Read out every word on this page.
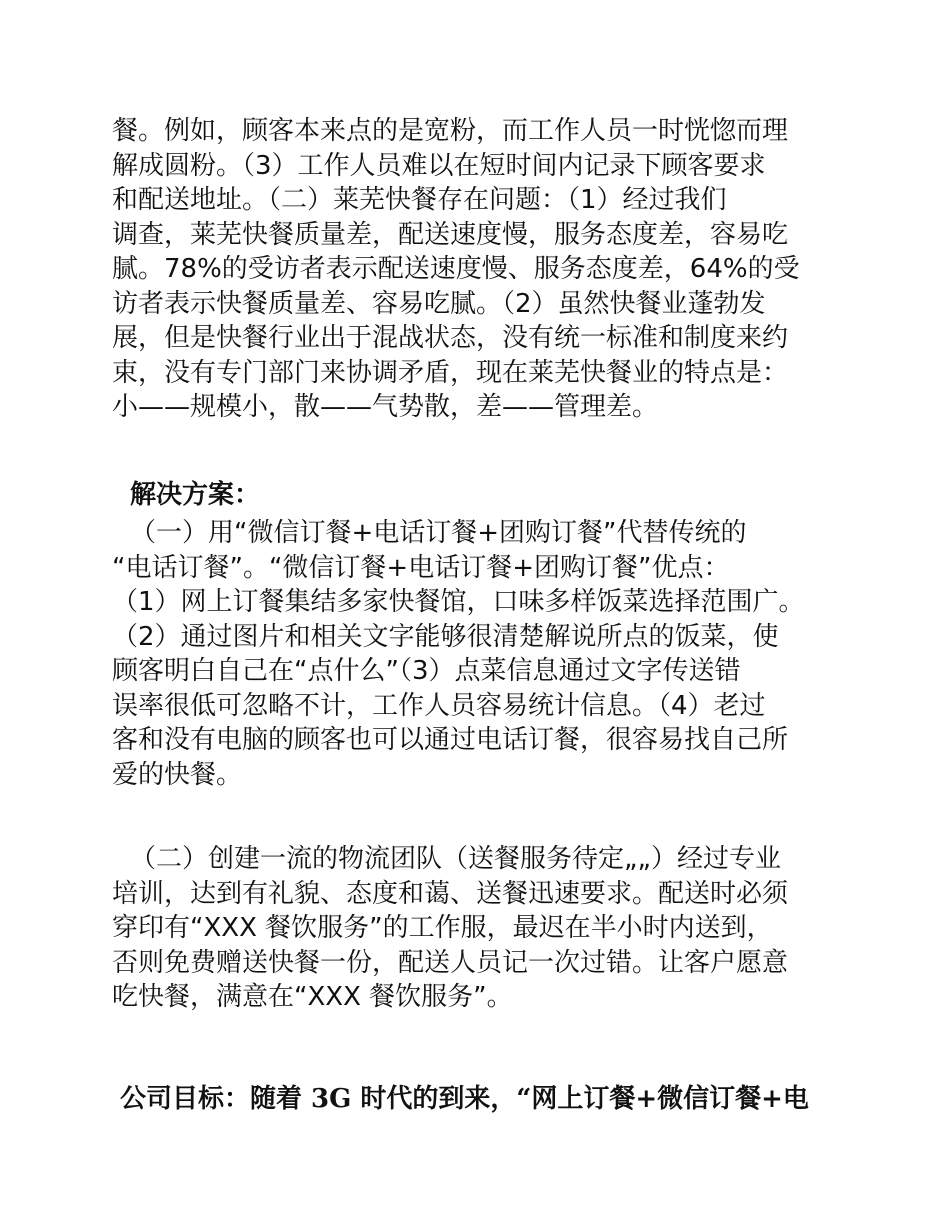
餐。例如，顾客本来点的是宽粉，而工作人员一时恍惚而理
解成圆粉。（3）工作人员难以在短时间内记录下顾客要求
和配送地址。（二）莱芜快餐存在问题：（1）经过我们
调查，莱芜快餐质量差，配送速度慢，服务态度差，容易吃
腻。78%的受访者表示配送速度慢、服务态度差，64%的受
访者表示快餐质量差、容易吃腻。（2）虽然快餐业蓬勃发
展，但是快餐行业出于混战状态，没有统一标准和制度来约
束，没有专门部门来协调矛盾，现在莱芜快餐业的特点是：
小——规模小，散——气势散，差——管理差。
解决方案：
（一）用“微信订餐+电话订餐+团购订餐”代替传统的
“电话订餐”。“微信订餐+电话订餐+团购订餐”优点：
（1）网上订餐集结多家快餐馆，口味多样饭菜选择范围广。
（2）通过图片和相关文字能够很清楚解说所点的饭菜，使
顾客明白自己在“点什么”（3）点菜信息通过文字传送错
误率很低可忽略不计，工作人员容易统计信息。（4）老过
客和没有电脑的顾客也可以通过电话订餐，很容易找自己所
爱的快餐。
（二）创建一流的物流团队（送餐服务待定„„）经过专业
培训，达到有礼貌、态度和蔼、送餐迅速要求。配送时必须
穿印有“XXX 餐饮服务”的工作服，最迟在半小时内送到，
否则免费赠送快餐一份，配送人员记一次过错。让客户愿意
吃快餐，满意在“XXX 餐饮服务”。
公司目标：随着 3G 时代的到来，“网上订餐+微信订餐+电
